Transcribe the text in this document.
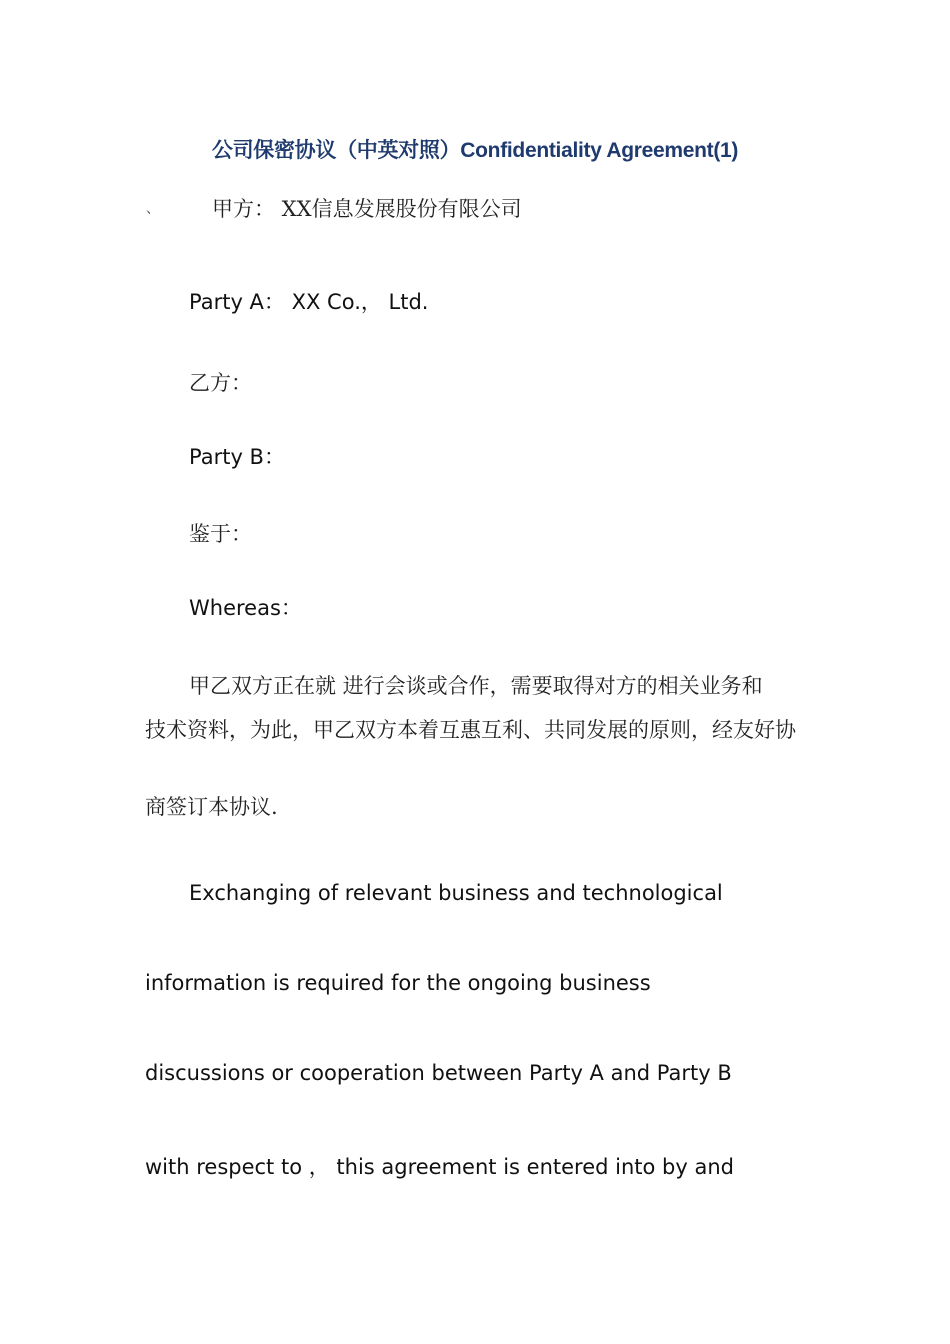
公司保密协议（中英对照）Confidentiality Agreement(1)
、 甲方： XX信息发展股份有限公司
Party A： XX Co.， Ltd.
乙方：
Party B：
鉴于：
Whereas：
甲乙双方正在就 进行会谈或合作，需要取得对方的相关业务和
技术资料，为此，甲乙双方本着互惠互利、共同发展的原则，经友好协
商签订本协议.
Exchanging of relevant business and technological
information is required for the ongoing business
discussions or cooperation between Party A and Party B
with respect to ， this agreement is entered into by and
